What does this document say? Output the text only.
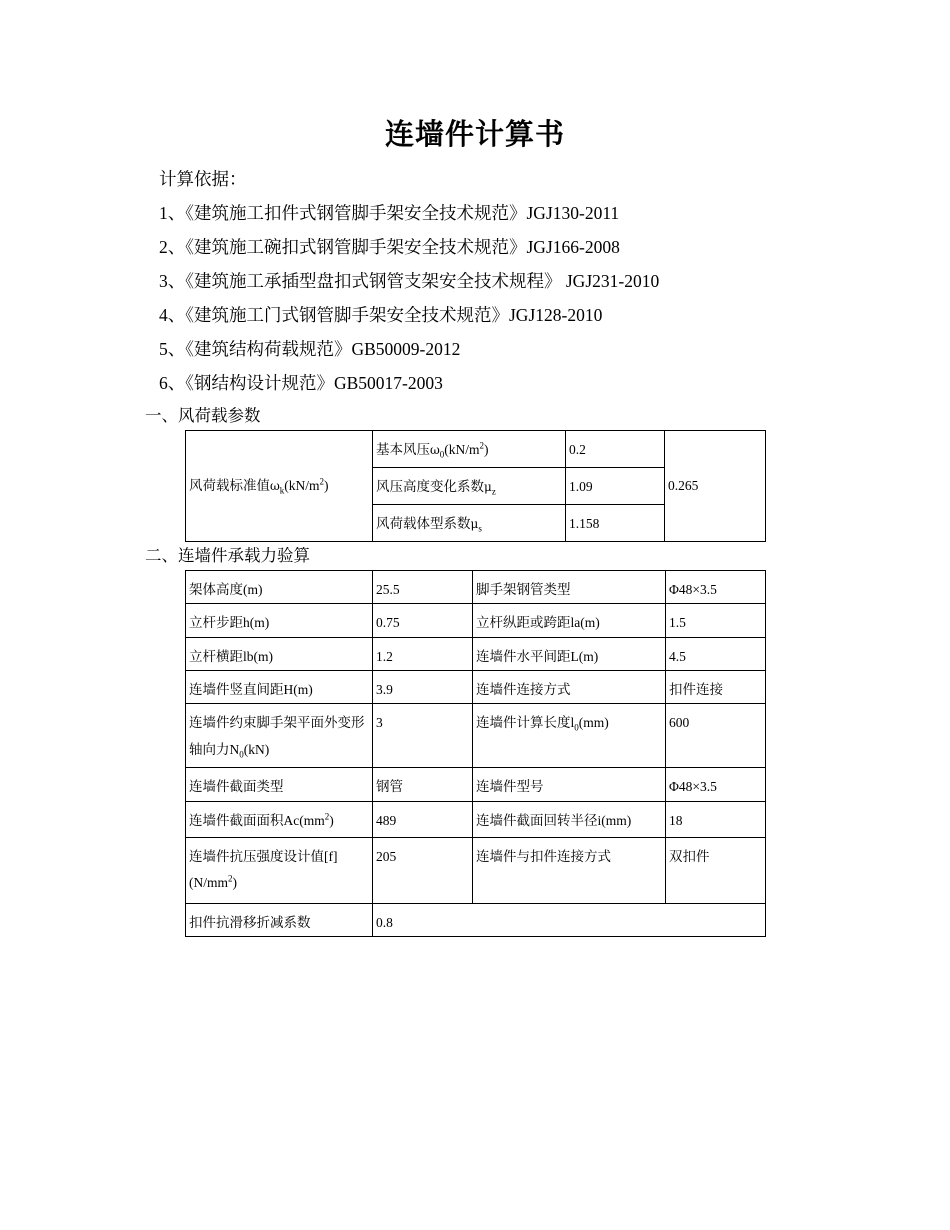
连墙件计算书
计算依据：
1、《建筑施工扣件式钢管脚手架安全技术规范》JGJ130-2011
2、《建筑施工碗扣式钢管脚手架安全技术规范》JGJ166-2008
3、《建筑施工承插型盘扣式钢管支架安全技术规程》 JGJ231-2010
4、《建筑施工门式钢管脚手架安全技术规范》JGJ128-2010
5、《建筑结构荷载规范》GB50009-2012
6、《钢结构设计规范》GB50017-2003
一、风荷载参数
风荷载标准值$\omega_k(kN/m^2)$	基本风压$\omega_0(kN/m^2)$	0.2	0.265
	风压高度变化系数$\mu_z$	1.09	
	风荷载体型系数$\mu_s$	1.158	
二、连墙件承载力验算
架体高度(m)	25.5	脚手架钢管类型	Φ48×3.5
立杆步距h(m)	0.75	立杆纵距或跨距la(m)	1.5
立杆横距lb(m)	1.2	连墙件水平间距L(m)	4.5
连墙件竖直间距H(m)	3.9	连墙件连接方式	扣件连接
连墙件约束脚手架平面外变形轴向力$N_0(kN)$	3	连墙件计算长度$l_0(mm)$	600
连墙件截面类型	钢管	连墙件型号	Φ48×3.5
连墙件截面面积$Ac(mm^2)$	489	连墙件截面回转半径i(mm)	18
连墙件抗压强度设计值$[f](N/mm^2)$	205	连墙件与扣件连接方式	双扣件
扣件抗滑移折减系数	0.8		
